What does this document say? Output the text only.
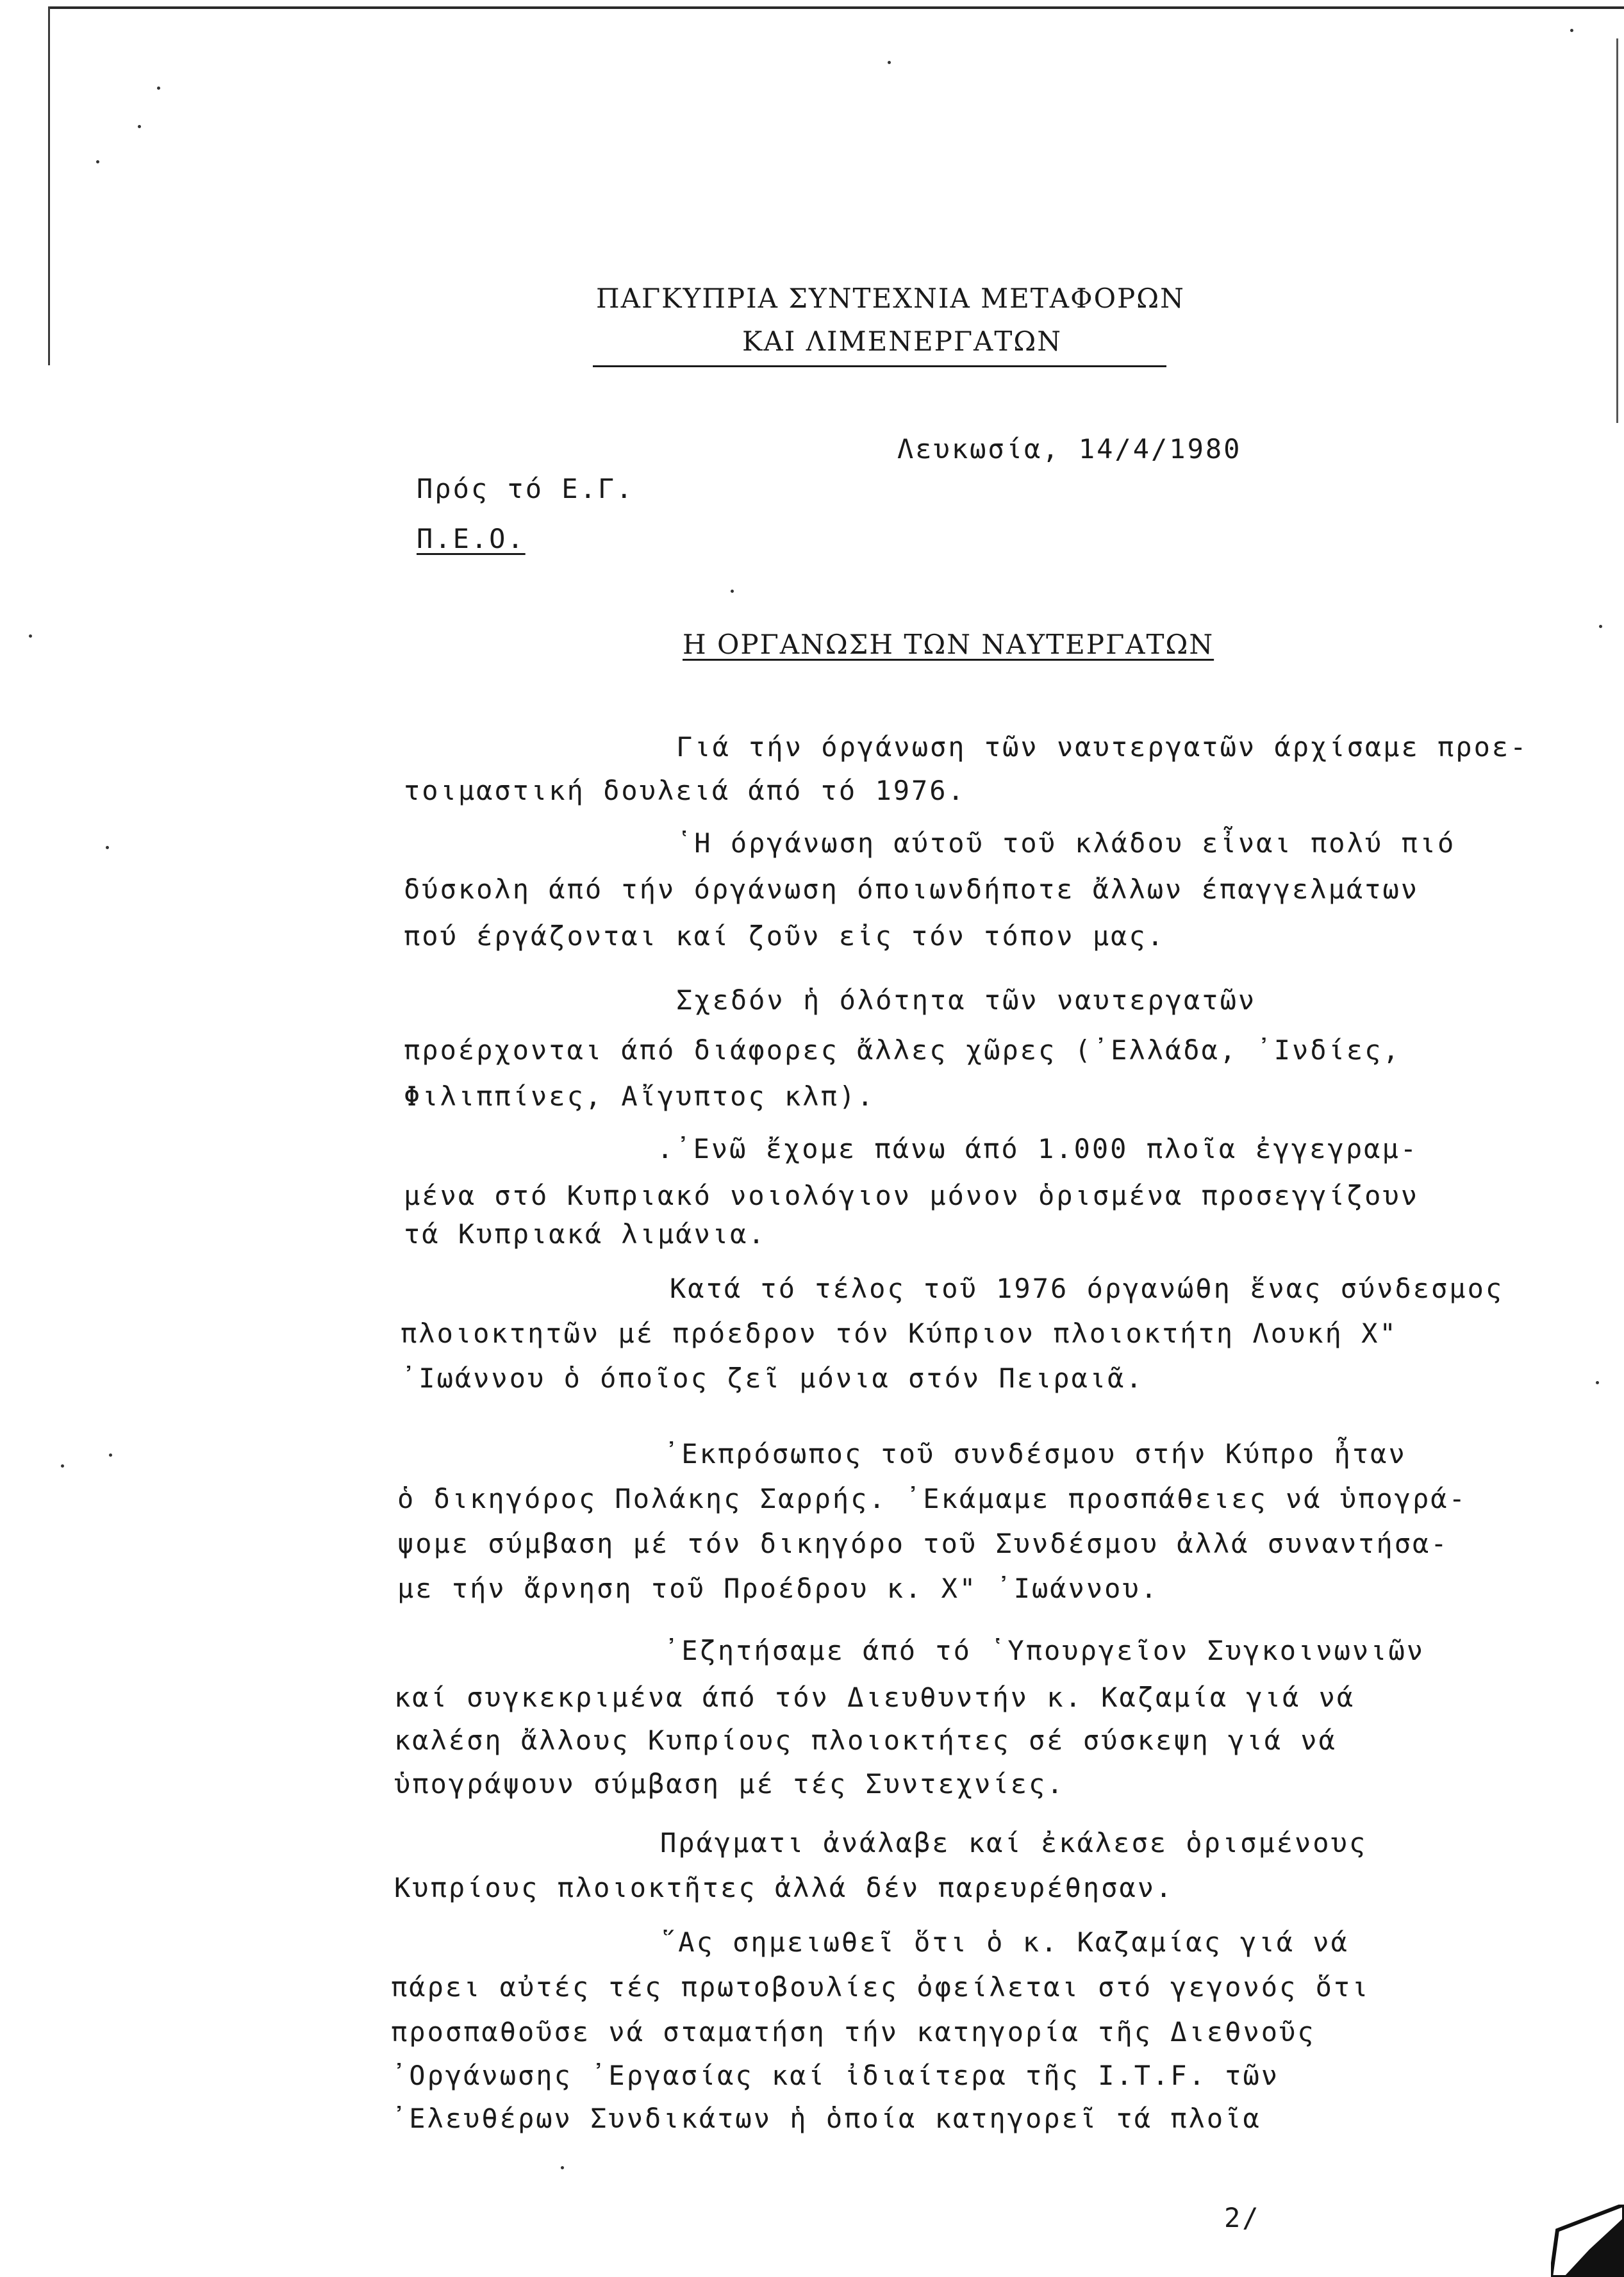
ΠΑΓΚΥΠΡΙΑ ΣΥΝΤΕΧΝΙΑ ΜΕΤΑΦΟΡΩΝ
ΚΑΙ ΛΙΜΕΝΕΡΓΑΤΩΝ
Λευκωσία, 14/4/1980
Πρός τό Ε.Γ.
Π.Ε.Ο.
Η ΟΡΓΑΝΩΣΗ ΤΩΝ ΝΑΥΤΕΡΓΑΤΩΝ
Γιά τήν όργάνωση τῶν ναυτεργατῶν άρχίσαμε προε-
τοιμαστική δουλειά άπό τό 1976.
῾Η όργάνωση αύτοῦ τοῦ κλάδου εἶναι πολύ πιό
δύσκολη άπό τήν όργάνωση όποιωνδήποτε ἄλλων έπαγγελμάτων
πού έργάζονται καί ζοῦν εἰς τόν τόπον μας.
Σχεδόν ἡ όλότητα τῶν ναυτεργατῶν
προέρχονται άπό διάφορες ἄλλες χῶρες (᾽Ελλάδα, ᾽Ινδίες,
Φιλιππίνες, Αἴγυπτος κλπ).
.᾽Ενῶ ἔχομε πάνω άπό 1.000 πλοῖα ἐγγεγραμ-
μένα στό Κυπριακό νοιολόγιον μόνον ὁρισμένα προσεγγίζουν
τά Κυπριακά λιμάνια.
Κατά τό τέλος τοῦ 1976 όργανώθη ἕνας σύνδεσμος
πλοιοκτητῶν μέ πρόεδρον τόν Κύπριον πλοιοκτήτη Λουκή Χ"
᾽Ιωάννου ὁ όποῖος ζεῖ μόνια στόν Πειραιᾶ.
᾽Εκπρόσωπος τοῦ συνδέσμου στήν Κύπρο ἦταν
ὁ δικηγόρος Πολάκης Σαρρής. ᾽Εκάμαμε προσπάθειες νά ὑπογρά-
ψομε σύμβαση μέ τόν δικηγόρο τοῦ Συνδέσμου ἀλλά συναντήσα-
με τήν ἄρνηση τοῦ Προέδρου κ. Χ" ᾽Ιωάννου.
᾽Εζητήσαμε άπό τό ῾Υπουργεῖον Συγκοινωνιῶν
καί συγκεκριμένα άπό τόν Διευθυντήν κ. Καζαμία γιά νά
καλέση ἄλλους Κυπρίους πλοιοκτήτες σέ σύσκεψη γιά νά
ὑπογράψουν σύμβαση μέ τές Συντεχνίες.
Πράγματι ἀνάλαβε καί ἐκάλεσε ὁρισμένους
Κυπρίους πλοιοκτῆτες ἀλλά δέν παρευρέθησαν.
῞Ας σημειωθεῖ ὅτι ὁ κ. Καζαμίας γιά νά
πάρει αὐτές τές πρωτοβουλίες ὀφείλεται στό γεγονός ὅτι
προσπαθοῦσε νά σταματήση τήν κατηγορία τῆς Διεθνοῦς
᾽Οργάνωσης ᾽Εργασίας καί ἰδιαίτερα τῆς I.T.F. τῶν
᾽Ελευθέρων Συνδικάτων ἡ ὁποία κατηγορεῖ τά πλοῖα
2/
